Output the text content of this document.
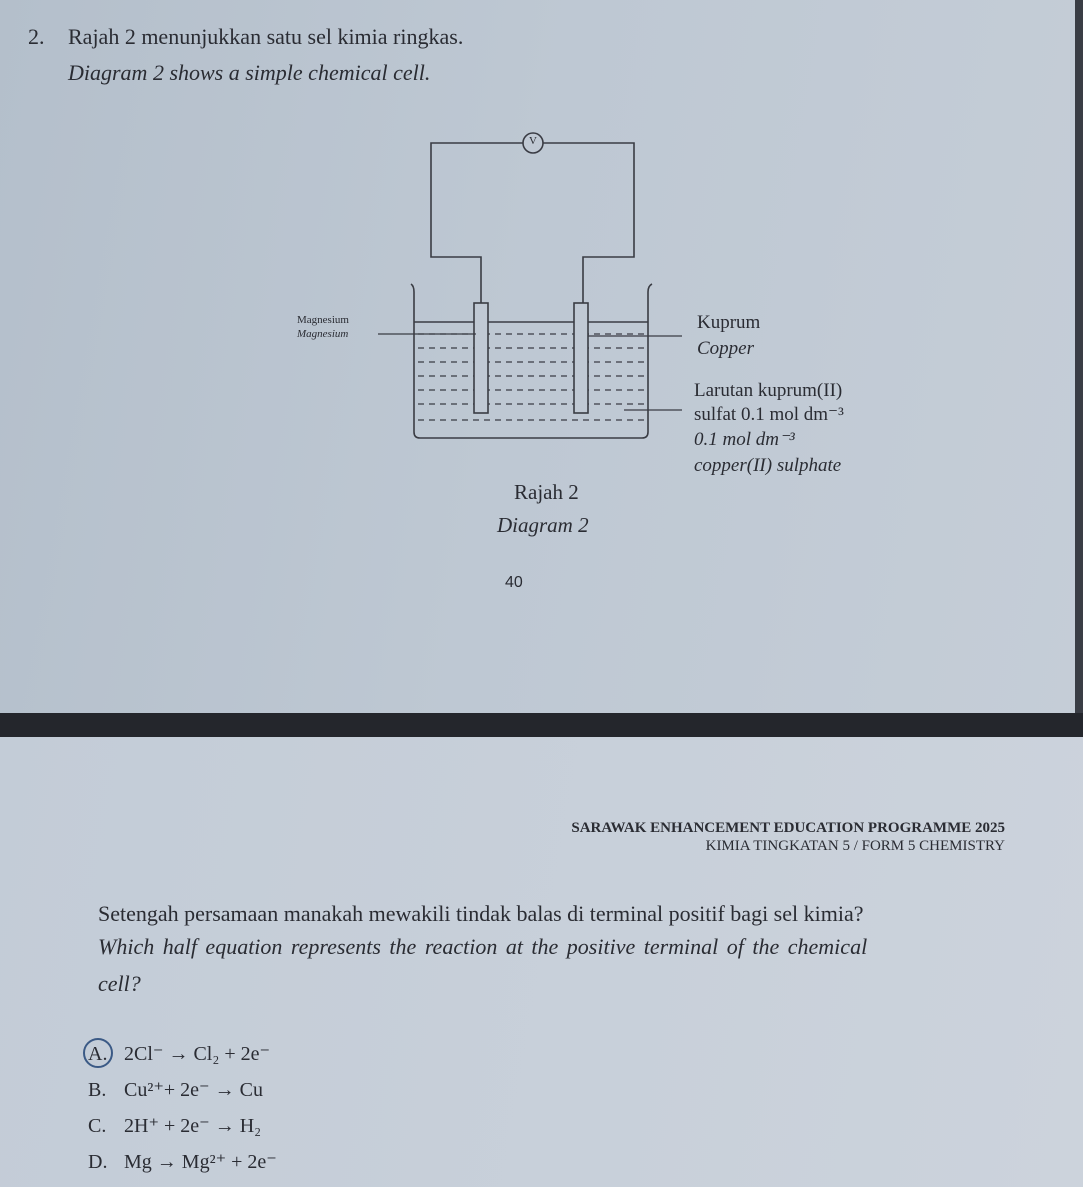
2. Rajah 2 menunjukkan satu sel kimia ringkas.
Diagram 2 shows a simple chemical cell.
V
Magnesium
Magnesium
Kuprum
Copper
Larutan kuprum(II)
sulfat 0.1 mol dm⁻³
0.1 mol dm⁻³
copper(II) sulphate
Rajah 2
Diagram 2
40
SARAWAK ENHANCEMENT EDUCATION PROGRAMME 2025
KIMIA TINGKATAN 5 / FORM 5 CHEMISTRY
Setengah persamaan manakah mewakili tindak balas di terminal positif bagi sel kimia?
Which half equation represents the reaction at the positive terminal of the chemical
cell?
A. 2Cl⁻ → Cl₂ + 2e⁻
B. Cu²⁺+ 2e⁻ → Cu
C. 2H⁺ + 2e⁻ → H₂
D. Mg → Mg²⁺ + 2e⁻
